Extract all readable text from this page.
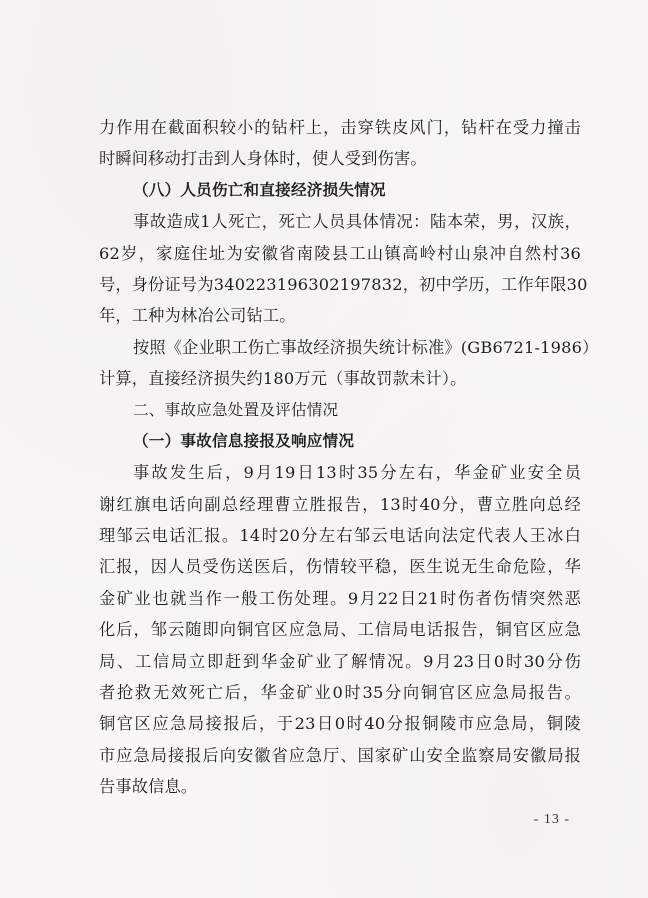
力作用在截面积较小的钻杆上，击穿铁皮风门，钻杆在受力撞击
时瞬间移动打击到人身体时，使人受到伤害。
（八）人员伤亡和直接经济损失情况
事故造成1人死亡，死亡人员具体情况：陆本荣，男，汉族，
62岁，家庭住址为安徽省南陵县工山镇高岭村山泉冲自然村36
号，身份证号为340223196302197832，初中学历，工作年限30
年，工种为林冶公司钻工。
按照《企业职工伤亡事故经济损失统计标准》(GB6721-1986）
计算，直接经济损失约180万元（事故罚款未计）。
二、事故应急处置及评估情况
（一）事故信息接报及响应情况
事故发生后，9月19日13时35分左右，华金矿业安全员
谢红旗电话向副总经理曹立胜报告，13时40分，曹立胜向总经
理邹云电话汇报。14时20分左右邹云电话向法定代表人王冰白
汇报，因人员受伤送医后，伤情较平稳，医生说无生命危险，华
金矿业也就当作一般工伤处理。9月22日21时伤者伤情突然恶
化后，邹云随即向铜官区应急局、工信局电话报告，铜官区应急
局、工信局立即赶到华金矿业了解情况。9月23日0时30分伤
者抢救无效死亡后，华金矿业0时35分向铜官区应急局报告。
铜官区应急局接报后，于23日0时40分报铜陵市应急局，铜陵
市应急局接报后向安徽省应急厅、国家矿山安全监察局安徽局报
告事故信息。
- 13 -
